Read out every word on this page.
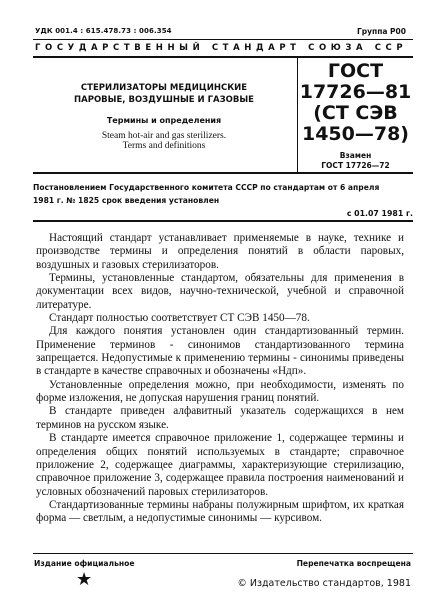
УДК 001.4 : 615.478.73 : 006.354	Группа Р00
ГОСУДАРСТВЕННЫЙ СТАНДАРТ СОЮЗА ССР
СТЕРИЛИЗАТОРЫ МЕДИЦИНСКИЕ
ПАРОВЫЕ, ВОЗДУШНЫЕ И ГАЗОВЫЕ
Термины и определения
Steam hot-air and gas sterilizers.
Terms and definitions
ГОСТ
17726—81
(СТ СЭВ
1450—78)
Взамен
ГОСТ 17726—72
Постановлением Государственного комитета СССР по стандартам от 6 апреля
1981 г. № 1825 срок введения установлен
с 01.07 1981 г.

Настоящий стандарт устанавливает применяемые в науке, технике и производстве термины и определения понятий в области паровых, воздушных и газовых стерилизаторов.

Термины, установленные стандартом, обязательны для применения в документации всех видов, научно-технической, учебной и справочной литературе.

Стандарт полностью соответствует СТ СЭВ 1450—78.

Для каждого понятия установлен один стандартизованный термин. Применение терминов - синонимов стандартизованного термина запрещается. Недопустимые к применению термины - синонимы приведены в стандарте в качестве справочных и обозначены «Ндп».

Установленные определения можно, при необходимости, изменять по форме изложения, не допуская нарушения границ понятий.

В стандарте приведен алфавитный указатель содержащихся в нем терминов на русском языке.

В стандарте имеется справочное приложение 1, содержащее термины и определения общих понятий используемых в стандарте; справочное приложение 2, содержащее диаграммы, характеризующие стерилизацию, справочное приложение 3, содержащее правила построения наименований и условных обозначений паровых стерилизаторов.

Стандартизованные термины набраны полужирным шрифтом, их краткая форма — светлым, а недопустимые синонимы — курсивом.

Издание официальное	Перепечатка воспрещена
★	© Издательство стандартов, 1981
